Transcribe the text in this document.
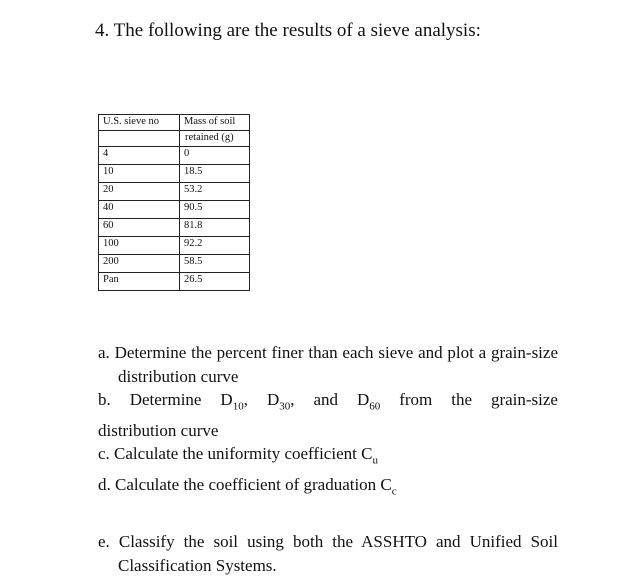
4. The following are the results of a sieve analysis:
U.S. sieve no	Mass of soil
	retained (g)
4	0
10	18.5
20	53.2
40	90.5
60	81.8
100	92.2
200	58.5
Pan	26.5
a. Determine the percent finer than each sieve and plot a grain-size distribution curve
b. Determine $D_{10}$, $D_{30}$, and $D_{60}$ from the grain-size
distribution curve
c. Calculate the uniformity coefficient $C_u$
d. Calculate the coefficient of graduation $C_c$
e. Classify the soil using both the ASSHTO and Unified Soil Classification Systems.
